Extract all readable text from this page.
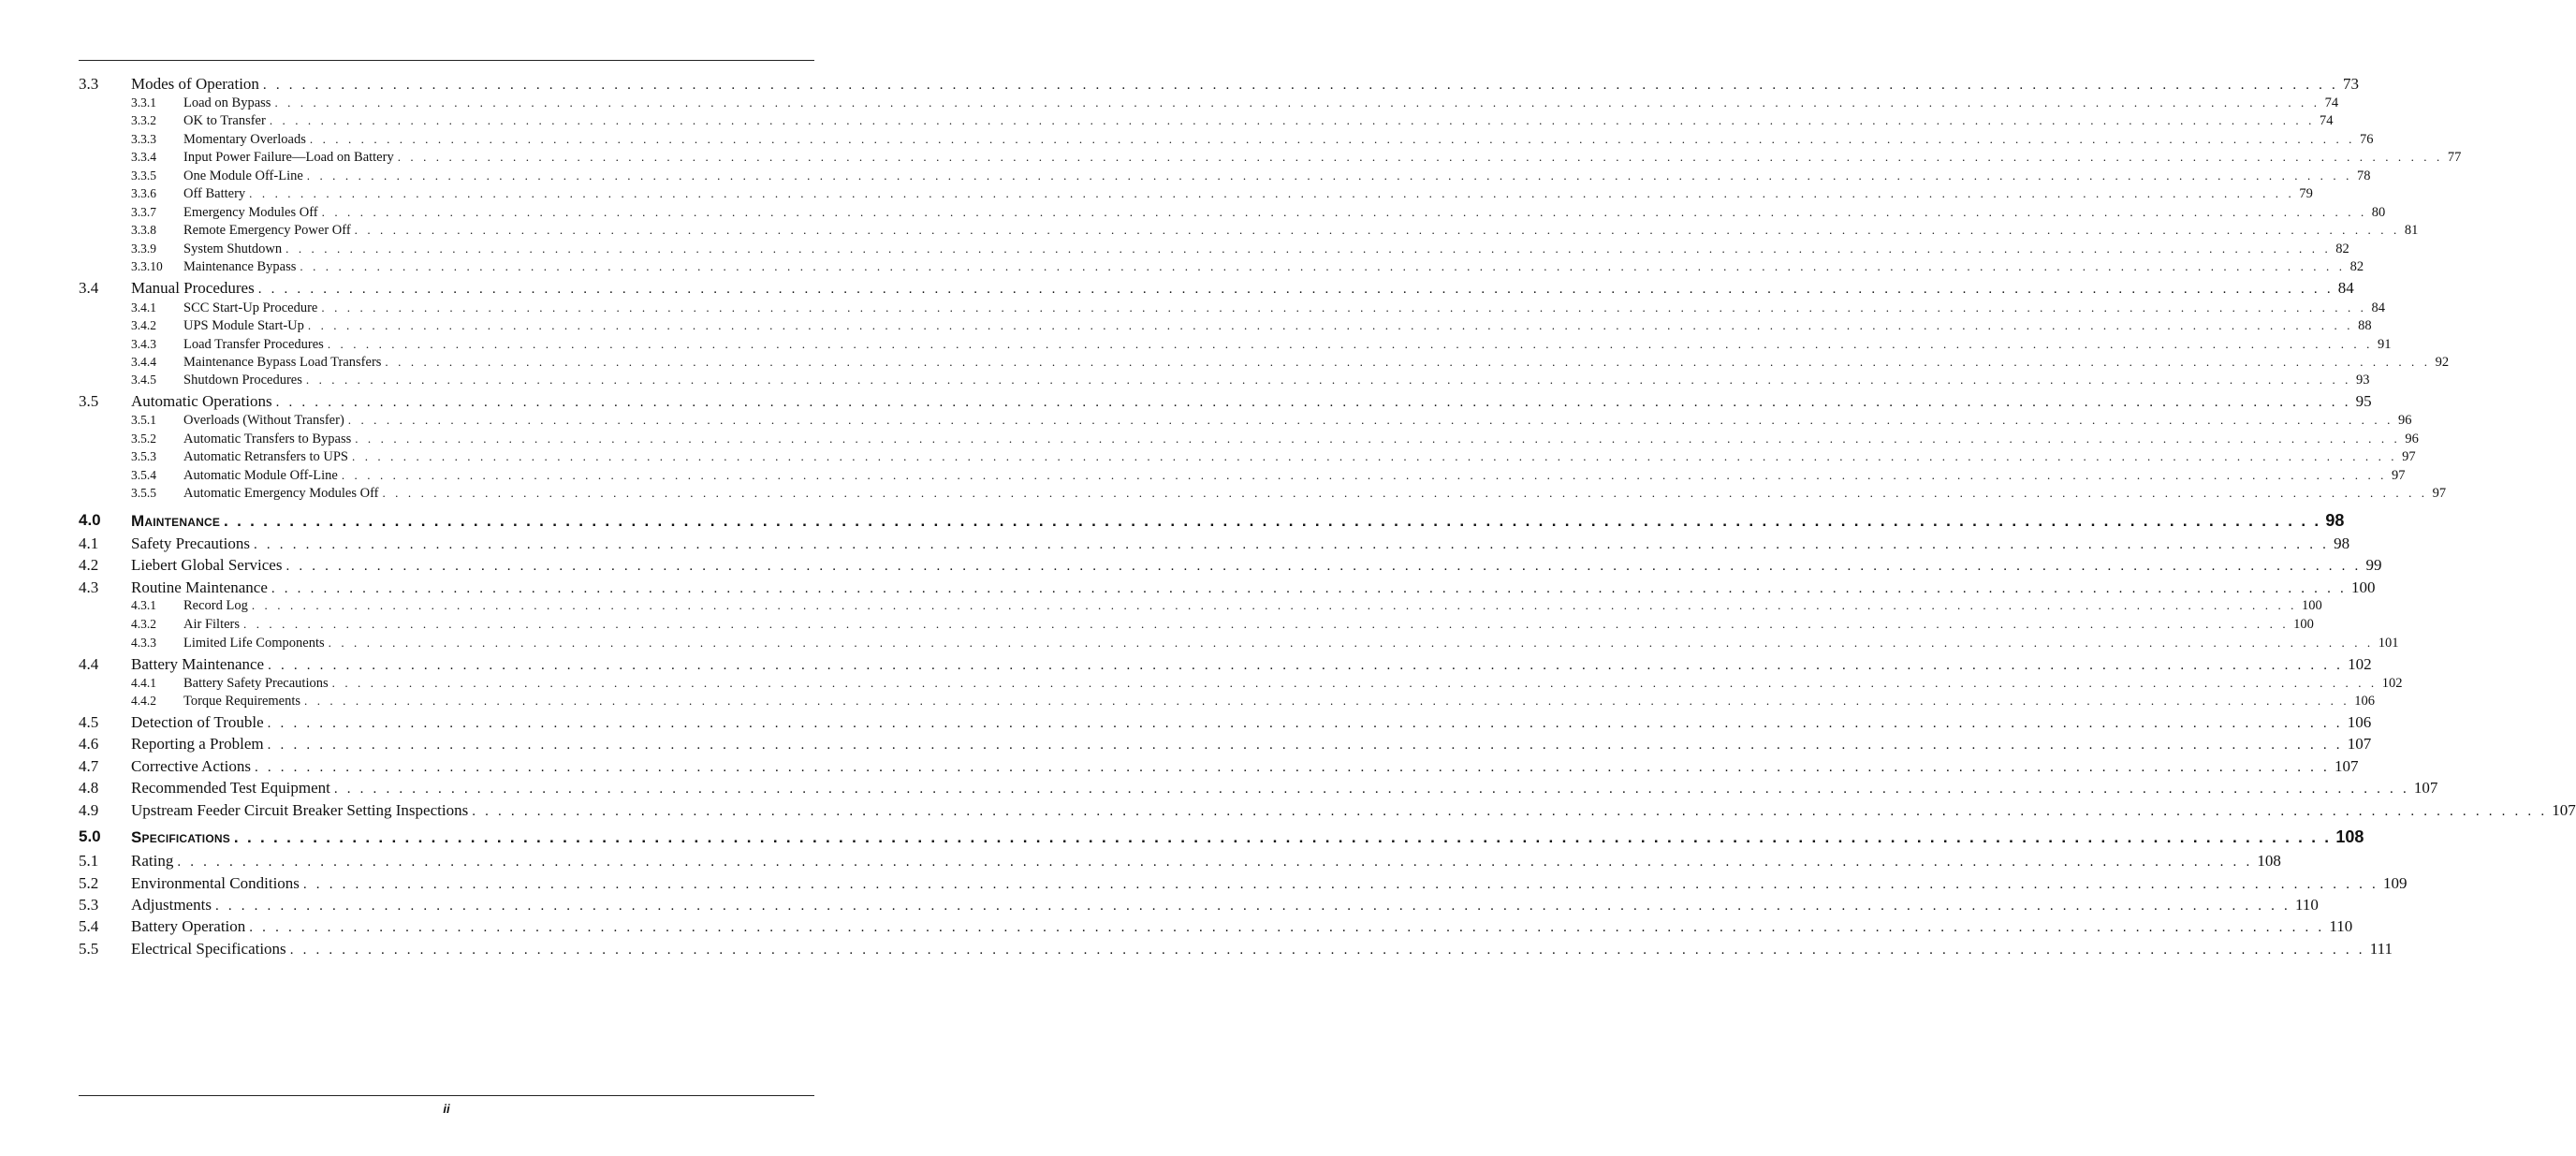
3.3 Modes of Operation . . . . . . . . . . . . . . . . . . . . . . . . . . . . . . . . . . . . . . . . . . . . . . . . . . . . . . . . . . . . . . . . . . . . . . . . . . . . . . . . . . . . . . . . . . . . . . . . . . . . . . . . . . . . . . . . . . . . . . . . . . . . . . . . . . . . . . . . . . . . . . . . . . . . . . . . . . . . . . . . 73
3.3.1 Load on Bypass . . . . . . . . . . . . . . . . . . . . . . . . . . . . . . . . . . . . . . . . . . . . . . . . . . . . . . . . . . . . . . . . . . . . . . . . . . . . . . . . . . . . . . . . . . . . . . . . . . . . . . . . . . . . . . . . . . . . . . . . . . . . . . . . . . . . . . . . . . . . . . . . . . . . . . . . . . . . . . . . 74
3.3.2 OK to Transfer . . . . . . . . . . . . . . . . . . . . . . . . . . . . . . . . . . . . . . . . . . . . . . . . . . . . . . . . . . . . . . . . . . . . . . . . . . . . . . . . . . . . . . . . . . . . . . . . . . . . . . . . . . . . . . . . . . . . . . . . . . . . . . . . . . . . . . . . . . . . . . . . . . . . . . . . . . . . . . . . 74
3.3.3 Momentary Overloads . . . . . . . . . . . . . . . . . . . . . . . . . . . . . . . . . . . . . . . . . . . . . . . . . . . . . . . . . . . . . . . . . . . . . . . . . . . . . . . . . . . . . . . . . . . . . . . . . . . . . . . . . . . . . . . . . . . . . . . . . . . . . . . . . . . . . . . . . . . . . . . . . . . . . . . . . . . . . . . . 76
3.3.4 Input Power Failure—Load on Battery . . . . . . . . . . . . . . . . . . . . . . . . . . . . . . . . . . . . . . . . . . . . . . . . . . . . . . . . . . . . . . . . . . . . . . . . . . . . . . . . . . . . . . . . . . . . . . . . . . . . . . . . . . . . . . . . . . . . . . . . . . . . . . . . . . . . . . . . . . . . . . . . . . . . . . . . . . . . . . . . 77
3.3.5 One Module Off-Line . . . . . . . . . . . . . . . . . . . . . . . . . . . . . . . . . . . . . . . . . . . . . . . . . . . . . . . . . . . . . . . . . . . . . . . . . . . . . . . . . . . . . . . . . . . . . . . . . . . . . . . . . . . . . . . . . . . . . . . . . . . . . . . . . . . . . . . . . . . . . . . . . . . . . . . . . . . . . . . . 78
3.3.6 Off Battery . . . . . . . . . . . . . . . . . . . . . . . . . . . . . . . . . . . . . . . . . . . . . . . . . . . . . . . . . . . . . . . . . . . . . . . . . . . . . . . . . . . . . . . . . . . . . . . . . . . . . . . . . . . . . . . . . . . . . . . . . . . . . . . . . . . . . . . . . . . . . . . . . . . . . . . . . . . . . . . . 79
3.3.7 Emergency Modules Off . . . . . . . . . . . . . . . . . . . . . . . . . . . . . . . . . . . . . . . . . . . . . . . . . . . . . . . . . . . . . . . . . . . . . . . . . . . . . . . . . . . . . . . . . . . . . . . . . . . . . . . . . . . . . . . . . . . . . . . . . . . . . . . . . . . . . . . . . . . . . . . . . . . . . . . . . . . . . . . . 80
3.3.8 Remote Emergency Power Off . . . . . . . . . . . . . . . . . . . . . . . . . . . . . . . . . . . . . . . . . . . . . . . . . . . . . . . . . . . . . . . . . . . . . . . . . . . . . . . . . . . . . . . . . . . . . . . . . . . . . . . . . . . . . . . . . . . . . . . . . . . . . . . . . . . . . . . . . . . . . . . . . . . . . . . . . . . . . . . . 81
3.3.9 System Shutdown . . . . . . . . . . . . . . . . . . . . . . . . . . . . . . . . . . . . . . . . . . . . . . . . . . . . . . . . . . . . . . . . . . . . . . . . . . . . . . . . . . . . . . . . . . . . . . . . . . . . . . . . . . . . . . . . . . . . . . . . . . . . . . . . . . . . . . . . . . . . . . . . . . . . . . . . . . . . . . . . 82
3.3.10 Maintenance Bypass . . . . . . . . . . . . . . . . . . . . . . . . . . . . . . . . . . . . . . . . . . . . . . . . . . . . . . . . . . . . . . . . . . . . . . . . . . . . . . . . . . . . . . . . . . . . . . . . . . . . . . . . . . . . . . . . . . . . . . . . . . . . . . . . . . . . . . . . . . . . . . . . . . . . . . . . . . . . . . . . 82
3.4 Manual Procedures . . . . . . . . . . . . . . . . . . . . . . . . . . . . . . . . . . . . . . . . . . . . . . . . . . . . . . . . . . . . . . . . . . . . . . . . . . . . . . . . . . . . . . . . . . . . . . . . . . . . . . . . . . . . . . . . . . . . . . . . . . . . . . . . . . . . . . . . . . . . . . . . . . . . . . . . . . . . . . . . 84
3.4.1 SCC Start-Up Procedure . . . . . . . . . . . . . . . . . . . . . . . . . . . . . . . . . . . . . . . . . . . . . . . . . . . . . . . . . . . . . . . . . . . . . . . . . . . . . . . . . . . . . . . . . . . . . . . . . . . . . . . . . . . . . . . . . . . . . . . . . . . . . . . . . . . . . . . . . . . . . . . . . . . . . . . . . . . . . . . . 84
3.4.2 UPS Module Start-Up . . . . . . . . . . . . . . . . . . . . . . . . . . . . . . . . . . . . . . . . . . . . . . . . . . . . . . . . . . . . . . . . . . . . . . . . . . . . . . . . . . . . . . . . . . . . . . . . . . . . . . . . . . . . . . . . . . . . . . . . . . . . . . . . . . . . . . . . . . . . . . . . . . . . . . . . . . . . . . . . 88
3.4.3 Load Transfer Procedures . . . . . . . . . . . . . . . . . . . . . . . . . . . . . . . . . . . . . . . . . . . . . . . . . . . . . . . . . . . . . . . . . . . . . . . . . . . . . . . . . . . . . . . . . . . . . . . . . . . . . . . . . . . . . . . . . . . . . . . . . . . . . . . . . . . . . . . . . . . . . . . . . . . . . . . . . . . . . . . . 91
3.4.4 Maintenance Bypass Load Transfers . . . . . . . . . . . . . . . . . . . . . . . . . . . . . . . . . . . . . . . . . . . . . . . . . . . . . . . . . . . . . . . . . . . . . . . . . . . . . . . . . . . . . . . . . . . . . . . . . . . . . . . . . . . . . . . . . . . . . . . . . . . . . . . . . . . . . . . . . . . . . . . . . . . . . . . . . . . . . . . . 92
3.4.5 Shutdown Procedures . . . . . . . . . . . . . . . . . . . . . . . . . . . . . . . . . . . . . . . . . . . . . . . . . . . . . . . . . . . . . . . . . . . . . . . . . . . . . . . . . . . . . . . . . . . . . . . . . . . . . . . . . . . . . . . . . . . . . . . . . . . . . . . . . . . . . . . . . . . . . . . . . . . . . . . . . . . . . . . . 93
3.5 Automatic Operations . . . . . . . . . . . . . . . . . . . . . . . . . . . . . . . . . . . . . . . . . . . . . . . . . . . . . . . . . . . . . . . . . . . . . . . . . . . . . . . . . . . . . . . . . . . . . . . . . . . . . . . . . . . . . . . . . . . . . . . . . . . . . . . . . . . . . . . . . . . . . . . . . . . . . . . . . . . . . . . . 95
3.5.1 Overloads (Without Transfer) . . . . . . . . . . . . . . . . . . . . . . . . . . . . . . . . . . . . . . . . . . . . . . . . . . . . . . . . . . . . . . . . . . . . . . . . . . . . . . . . . . . . . . . . . . . . . . . . . . . . . . . . . . . . . . . . . . . . . . . . . . . . . . . . . . . . . . . . . . . . . . . . . . . . . . . . . . . . . . . . 96
3.5.2 Automatic Transfers to Bypass . . . . . . . . . . . . . . . . . . . . . . . . . . . . . . . . . . . . . . . . . . . . . . . . . . . . . . . . . . . . . . . . . . . . . . . . . . . . . . . . . . . . . . . . . . . . . . . . . . . . . . . . . . . . . . . . . . . . . . . . . . . . . . . . . . . . . . . . . . . . . . . . . . . . . . . . . . . . . . . . 96
3.5.3 Automatic Retransfers to UPS . . . . . . . . . . . . . . . . . . . . . . . . . . . . . . . . . . . . . . . . . . . . . . . . . . . . . . . . . . . . . . . . . . . . . . . . . . . . . . . . . . . . . . . . . . . . . . . . . . . . . . . . . . . . . . . . . . . . . . . . . . . . . . . . . . . . . . . . . . . . . . . . . . . . . . . . . . . . . . . . 97
3.5.4 Automatic Module Off-Line . . . . . . . . . . . . . . . . . . . . . . . . . . . . . . . . . . . . . . . . . . . . . . . . . . . . . . . . . . . . . . . . . . . . . . . . . . . . . . . . . . . . . . . . . . . . . . . . . . . . . . . . . . . . . . . . . . . . . . . . . . . . . . . . . . . . . . . . . . . . . . . . . . . . . . . . . . . . . . . . 97
3.5.5 Automatic Emergency Modules Off . . . . . . . . . . . . . . . . . . . . . . . . . . . . . . . . . . . . . . . . . . . . . . . . . . . . . . . . . . . . . . . . . . . . . . . . . . . . . . . . . . . . . . . . . . . . . . . . . . . . . . . . . . . . . . . . . . . . . . . . . . . . . . . . . . . . . . . . . . . . . . . . . . . . . . . . . . . . . . . . 97
4.0 Maintenance . . . . . . . . . . . . . . . . . . . . . . . . . . . . . . . . . . . . . . . . . . . . . . . . . . . . . . . . . . . . . . . . . . . . . . . . . . . . . . . . . . . . . . . . . . . . . . . . . . . . . . . . . . . . . . . . . . . . . . . . . . . . . . . . . . . . . . . . . . . . . . . . . . . . . . . . . . . . . . . . 98
4.1 Safety Precautions . . . . . . . . . . . . . . . . . . . . . . . . . . . . . . . . . . . . . . . . . . . . . . . . . . . . . . . . . . . . . . . . . . . . . . . . . . . . . . . . . . . . . . . . . . . . . . . . . . . . . . . . . . . . . . . . . . . . . . . . . . . . . . . . . . . . . . . . . . . . . . . . . . . . . . . . . . . . . . . . 98
4.2 Liebert Global Services . . . . . . . . . . . . . . . . . . . . . . . . . . . . . . . . . . . . . . . . . . . . . . . . . . . . . . . . . . . . . . . . . . . . . . . . . . . . . . . . . . . . . . . . . . . . . . . . . . . . . . . . . . . . . . . . . . . . . . . . . . . . . . . . . . . . . . . . . . . . . . . . . . . . . . . . . . . . . . . . 99
4.3 Routine Maintenance . . . . . . . . . . . . . . . . . . . . . . . . . . . . . . . . . . . . . . . . . . . . . . . . . . . . . . . . . . . . . . . . . . . . . . . . . . . . . . . . . . . . . . . . . . . . . . . . . . . . . . . . . . . . . . . . . . . . . . . . . . . . . . . . . . . . . . . . . . . . . . . . . . . . . . . . . . . . . . . . 100
4.3.1 Record Log . . . . . . . . . . . . . . . . . . . . . . . . . . . . . . . . . . . . . . . . . . . . . . . . . . . . . . . . . . . . . . . . . . . . . . . . . . . . . . . . . . . . . . . . . . . . . . . . . . . . . . . . . . . . . . . . . . . . . . . . . . . . . . . . . . . . . . . . . . . . . . . . . . . . . . . . . . . . . . . . 100
4.3.2 Air Filters . . . . . . . . . . . . . . . . . . . . . . . . . . . . . . . . . . . . . . . . . . . . . . . . . . . . . . . . . . . . . . . . . . . . . . . . . . . . . . . . . . . . . . . . . . . . . . . . . . . . . . . . . . . . . . . . . . . . . . . . . . . . . . . . . . . . . . . . . . . . . . . . . . . . . . . . . . . . . . . . 100
4.3.3 Limited Life Components . . . . . . . . . . . . . . . . . . . . . . . . . . . . . . . . . . . . . . . . . . . . . . . . . . . . . . . . . . . . . . . . . . . . . . . . . . . . . . . . . . . . . . . . . . . . . . . . . . . . . . . . . . . . . . . . . . . . . . . . . . . . . . . . . . . . . . . . . . . . . . . . . . . . . . . . . . . . . . . . 101
4.4 Battery Maintenance . . . . . . . . . . . . . . . . . . . . . . . . . . . . . . . . . . . . . . . . . . . . . . . . . . . . . . . . . . . . . . . . . . . . . . . . . . . . . . . . . . . . . . . . . . . . . . . . . . . . . . . . . . . . . . . . . . . . . . . . . . . . . . . . . . . . . . . . . . . . . . . . . . . . . . . . . . . . . . . . 102
4.4.1 Battery Safety Precautions . . . . . . . . . . . . . . . . . . . . . . . . . . . . . . . . . . . . . . . . . . . . . . . . . . . . . . . . . . . . . . . . . . . . . . . . . . . . . . . . . . . . . . . . . . . . . . . . . . . . . . . . . . . . . . . . . . . . . . . . . . . . . . . . . . . . . . . . . . . . . . . . . . . . . . . . . . . . . . . . 102
4.4.2 Torque Requirements . . . . . . . . . . . . . . . . . . . . . . . . . . . . . . . . . . . . . . . . . . . . . . . . . . . . . . . . . . . . . . . . . . . . . . . . . . . . . . . . . . . . . . . . . . . . . . . . . . . . . . . . . . . . . . . . . . . . . . . . . . . . . . . . . . . . . . . . . . . . . . . . . . . . . . . . . . . . . . . . 106
4.5 Detection of Trouble . . . . . . . . . . . . . . . . . . . . . . . . . . . . . . . . . . . . . . . . . . . . . . . . . . . . . . . . . . . . . . . . . . . . . . . . . . . . . . . . . . . . . . . . . . . . . . . . . . . . . . . . . . . . . . . . . . . . . . . . . . . . . . . . . . . . . . . . . . . . . . . . . . . . . . . . . . . . . . . . 106
4.6 Reporting a Problem . . . . . . . . . . . . . . . . . . . . . . . . . . . . . . . . . . . . . . . . . . . . . . . . . . . . . . . . . . . . . . . . . . . . . . . . . . . . . . . . . . . . . . . . . . . . . . . . . . . . . . . . . . . . . . . . . . . . . . . . . . . . . . . . . . . . . . . . . . . . . . . . . . . . . . . . . . . . . . . . 107
4.7 Corrective Actions . . . . . . . . . . . . . . . . . . . . . . . . . . . . . . . . . . . . . . . . . . . . . . . . . . . . . . . . . . . . . . . . . . . . . . . . . . . . . . . . . . . . . . . . . . . . . . . . . . . . . . . . . . . . . . . . . . . . . . . . . . . . . . . . . . . . . . . . . . . . . . . . . . . . . . . . . . . . . . . . 107
4.8 Recommended Test Equipment . . . . . . . . . . . . . . . . . . . . . . . . . . . . . . . . . . . . . . . . . . . . . . . . . . . . . . . . . . . . . . . . . . . . . . . . . . . . . . . . . . . . . . . . . . . . . . . . . . . . . . . . . . . . . . . . . . . . . . . . . . . . . . . . . . . . . . . . . . . . . . . . . . . . . . . . . . . . . . . . 107
4.9 Upstream Feeder Circuit Breaker Setting Inspections . . . . . . . . . . . . . . . . . . . . . . . . . . . . . . . . . . . . . . . . . . . . . . . . . . . . . . . . . . . . . . . . . . . . . . . . . . . . . . . . . . . . . . . . . . . . . . . . . . . . . . . . . . . . . . . . . . . . . . . . . . . . . . . . . . . . . . . . . . . . . . . . . . . . . . . . . . . . . . . . 107
5.0 Specifications . . . . . . . . . . . . . . . . . . . . . . . . . . . . . . . . . . . . . . . . . . . . . . . . . . . . . . . . . . . . . . . . . . . . . . . . . . . . . . . . . . . . . . . . . . . . . . . . . . . . . . . . . . . . . . . . . . . . . . . . . . . . . . . . . . . . . . . . . . . . . . . . . . . . . . . . . . . . . . . . 108
5.1 Rating . . . . . . . . . . . . . . . . . . . . . . . . . . . . . . . . . . . . . . . . . . . . . . . . . . . . . . . . . . . . . . . . . . . . . . . . . . . . . . . . . . . . . . . . . . . . . . . . . . . . . . . . . . . . . . . . . . . . . . . . . . . . . . . . . . . . . . . . . . . . . . . . . . . . . . . . . . . . . . . . 108
5.2 Environmental Conditions . . . . . . . . . . . . . . . . . . . . . . . . . . . . . . . . . . . . . . . . . . . . . . . . . . . . . . . . . . . . . . . . . . . . . . . . . . . . . . . . . . . . . . . . . . . . . . . . . . . . . . . . . . . . . . . . . . . . . . . . . . . . . . . . . . . . . . . . . . . . . . . . . . . . . . . . . . . . . . . . 109
5.3 Adjustments . . . . . . . . . . . . . . . . . . . . . . . . . . . . . . . . . . . . . . . . . . . . . . . . . . . . . . . . . . . . . . . . . . . . . . . . . . . . . . . . . . . . . . . . . . . . . . . . . . . . . . . . . . . . . . . . . . . . . . . . . . . . . . . . . . . . . . . . . . . . . . . . . . . . . . . . . . . . . . . . 110
5.4 Battery Operation . . . . . . . . . . . . . . . . . . . . . . . . . . . . . . . . . . . . . . . . . . . . . . . . . . . . . . . . . . . . . . . . . . . . . . . . . . . . . . . . . . . . . . . . . . . . . . . . . . . . . . . . . . . . . . . . . . . . . . . . . . . . . . . . . . . . . . . . . . . . . . . . . . . . . . . . . . . . . . . . 110
5.5 Electrical Specifications . . . . . . . . . . . . . . . . . . . . . . . . . . . . . . . . . . . . . . . . . . . . . . . . . . . . . . . . . . . . . . . . . . . . . . . . . . . . . . . . . . . . . . . . . . . . . . . . . . . . . . . . . . . . . . . . . . . . . . . . . . . . . . . . . . . . . . . . . . . . . . . . . . . . . . . . . . . . . . . . 111
ii
